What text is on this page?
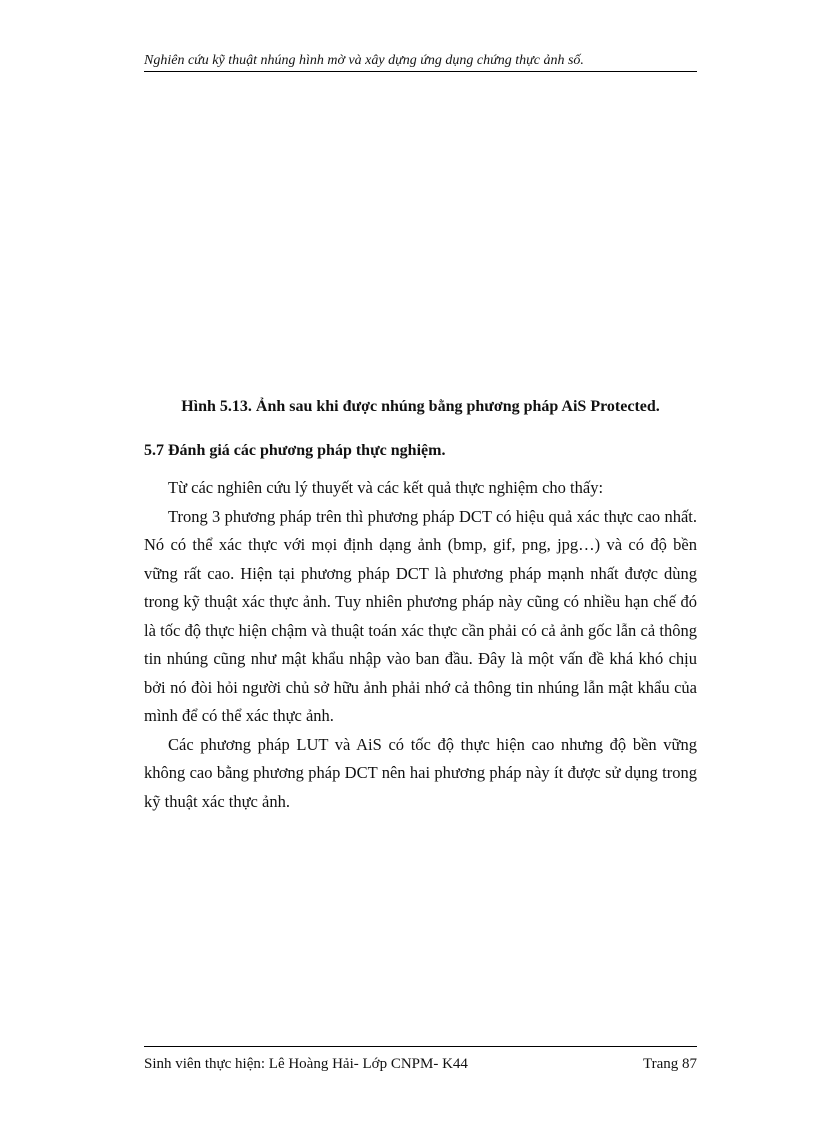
Nghiên cứu kỹ thuật nhúng hình mờ và xây dựng ứng dụng chứng thực ảnh số.
Hình 5.13. Ảnh sau khi được nhúng bằng phương pháp AiS Protected.
5.7 Đánh giá các phương pháp thực nghiệm.

Từ các nghiên cứu lý thuyết và các kết quả thực nghiệm cho thấy:

Trong 3 phương pháp trên thì phương pháp DCT có hiệu quả xác thực cao nhất. Nó có thể xác thực với mọi định dạng ảnh (bmp, gif, png, jpg…) và có độ bền vững rất cao. Hiện tại phương pháp DCT là phương pháp mạnh nhất được dùng trong kỹ thuật xác thực ảnh. Tuy nhiên phương pháp này cũng có nhiều hạn chế đó là tốc độ thực hiện chậm và thuật toán xác thực cần phải có cả ảnh gốc lẫn cả thông tin nhúng cũng như mật khẩu nhập vào ban đầu. Đây là một vấn đề khá khó chịu bởi nó đòi hỏi người chủ sở hữu ảnh phải nhớ cả thông tin nhúng lẫn mật khẩu của mình để có thể xác thực ảnh.

Các phương pháp LUT và AiS có tốc độ thực hiện cao nhưng độ bền vững không cao bằng phương pháp DCT nên hai phương pháp này ít được sử dụng trong kỹ thuật xác thực ảnh.

Sinh viên thực hiện: Lê Hoàng Hải- Lớp CNPM- K44	Trang 87
